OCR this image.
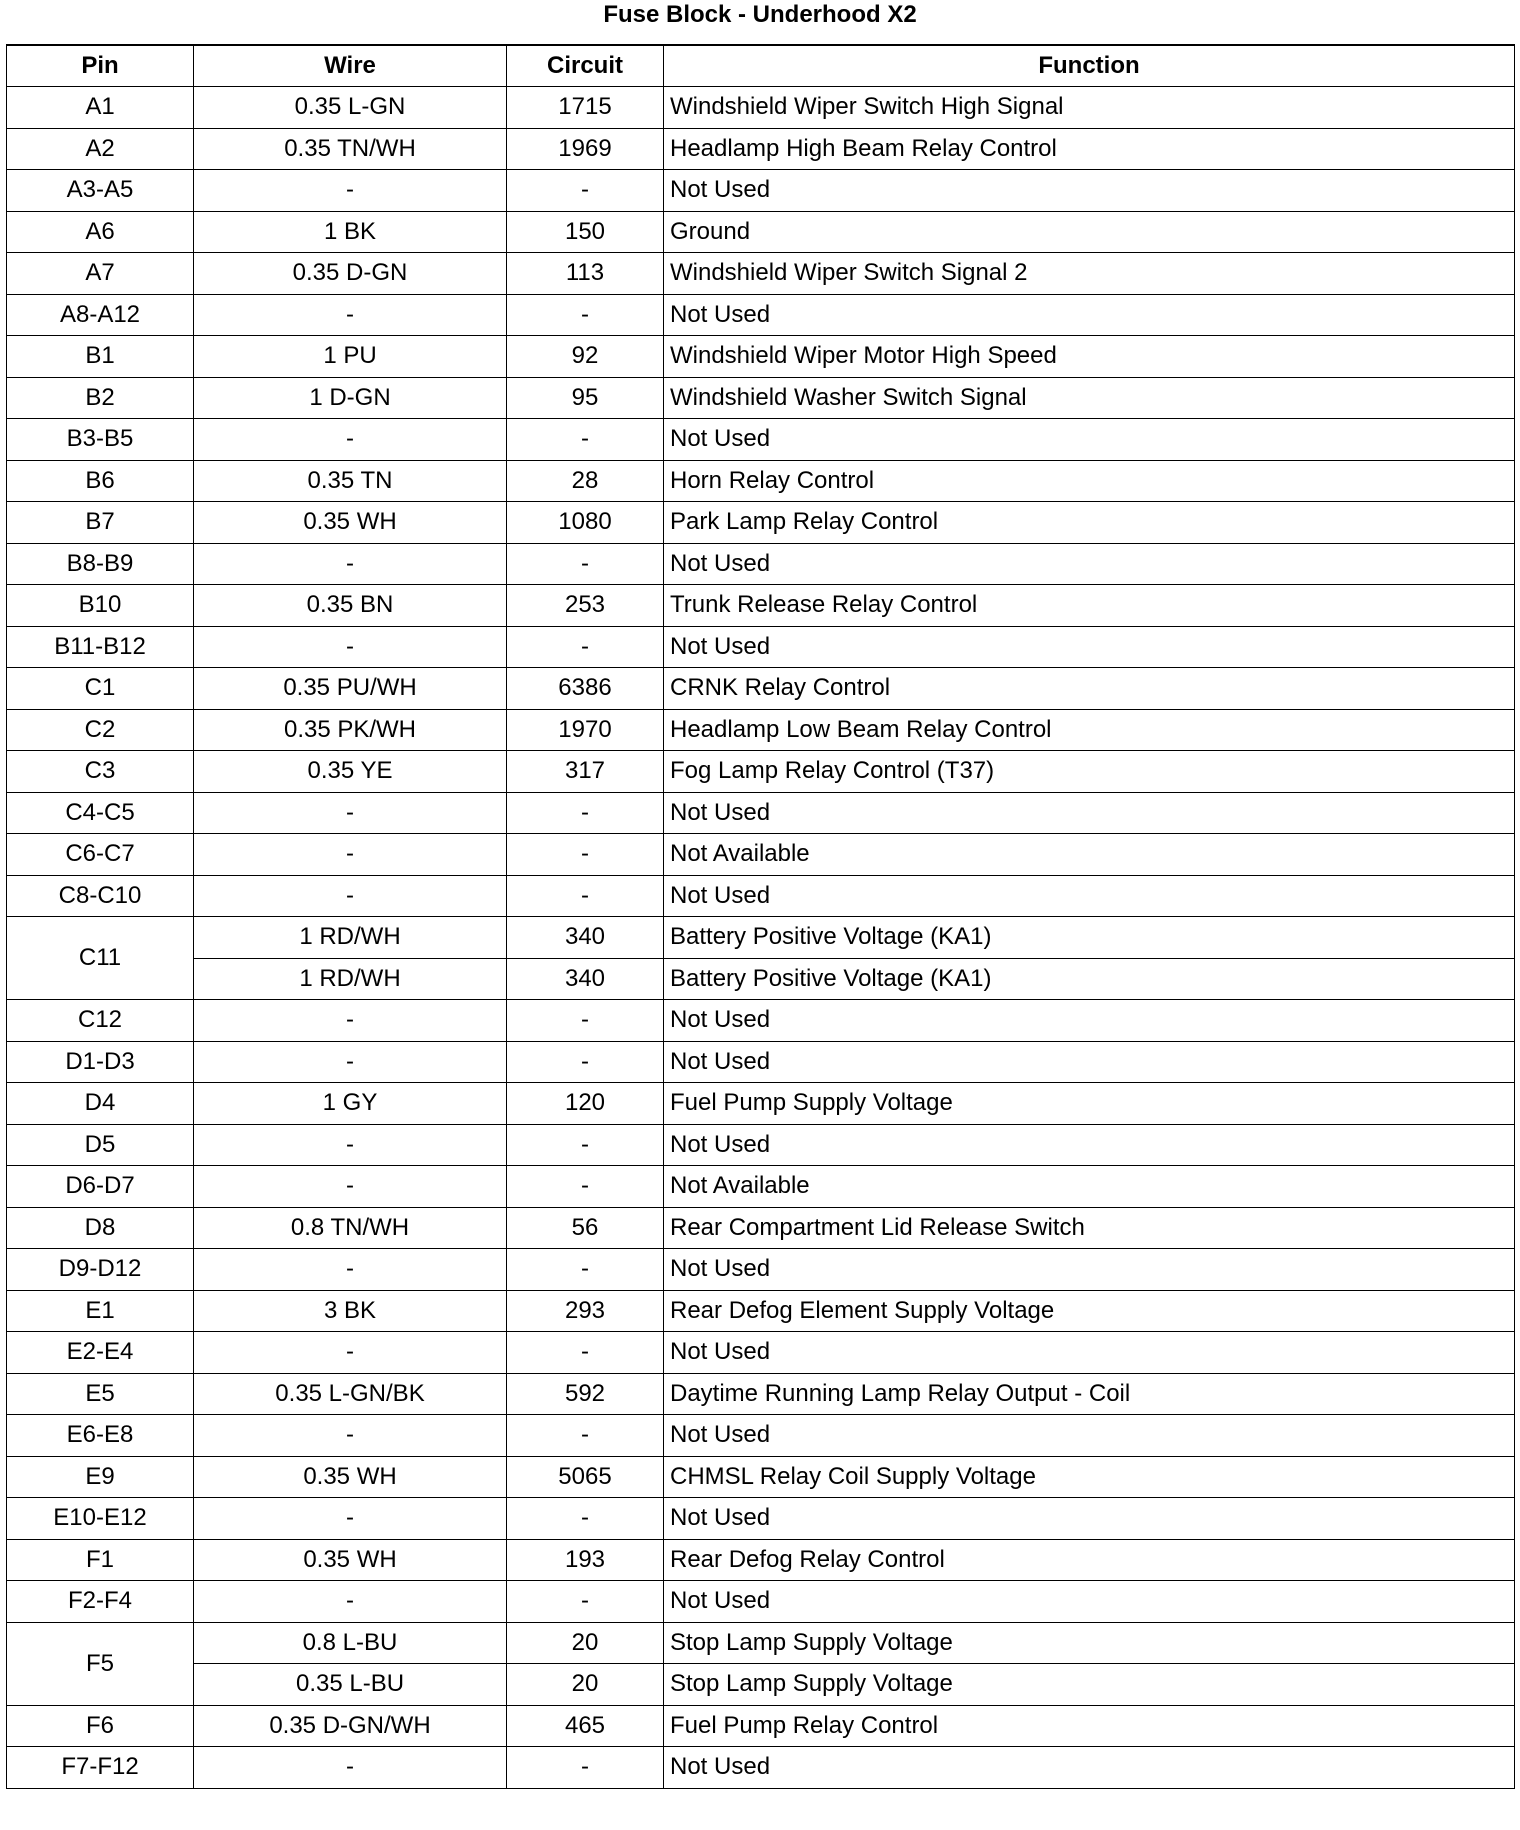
Fuse Block - Underhood X2
Pin	Wire	Circuit	Function
A1	0.35 L-GN	1715	Windshield Wiper Switch High Signal
A2	0.35 TN/WH	1969	Headlamp High Beam Relay Control
A3-A5	-	-	Not Used
A6	1 BK	150	Ground
A7	0.35 D-GN	113	Windshield Wiper Switch Signal 2
A8-A12	-	-	Not Used
B1	1 PU	92	Windshield Wiper Motor High Speed
B2	1 D-GN	95	Windshield Washer Switch Signal
B3-B5	-	-	Not Used
B6	0.35 TN	28	Horn Relay Control
B7	0.35 WH	1080	Park Lamp Relay Control
B8-B9	-	-	Not Used
B10	0.35 BN	253	Trunk Release Relay Control
B11-B12	-	-	Not Used
C1	0.35 PU/WH	6386	CRNK Relay Control
C2	0.35 PK/WH	1970	Headlamp Low Beam Relay Control
C3	0.35 YE	317	Fog Lamp Relay Control (T37)
C4-C5	-	-	Not Used
C6-C7	-	-	Not Available
C8-C10	-	-	Not Used
C11	1 RD/WH	340	Battery Positive Voltage (KA1)
	1 RD/WH	340	Battery Positive Voltage (KA1)
C12	-	-	Not Used
D1-D3	-	-	Not Used
D4	1 GY	120	Fuel Pump Supply Voltage
D5	-	-	Not Used
D6-D7	-	-	Not Available
D8	0.8 TN/WH	56	Rear Compartment Lid Release Switch
D9-D12	-	-	Not Used
E1	3 BK	293	Rear Defog Element Supply Voltage
E2-E4	-	-	Not Used
E5	0.35 L-GN/BK	592	Daytime Running Lamp Relay Output - Coil
E6-E8	-	-	Not Used
E9	0.35 WH	5065	CHMSL Relay Coil Supply Voltage
E10-E12	-	-	Not Used
F1	0.35 WH	193	Rear Defog Relay Control
F2-F4	-	-	Not Used
F5	0.8 L-BU	20	Stop Lamp Supply Voltage
	0.35 L-BU	20	Stop Lamp Supply Voltage
F6	0.35 D-GN/WH	465	Fuel Pump Relay Control
F7-F12	-	-	Not Used
